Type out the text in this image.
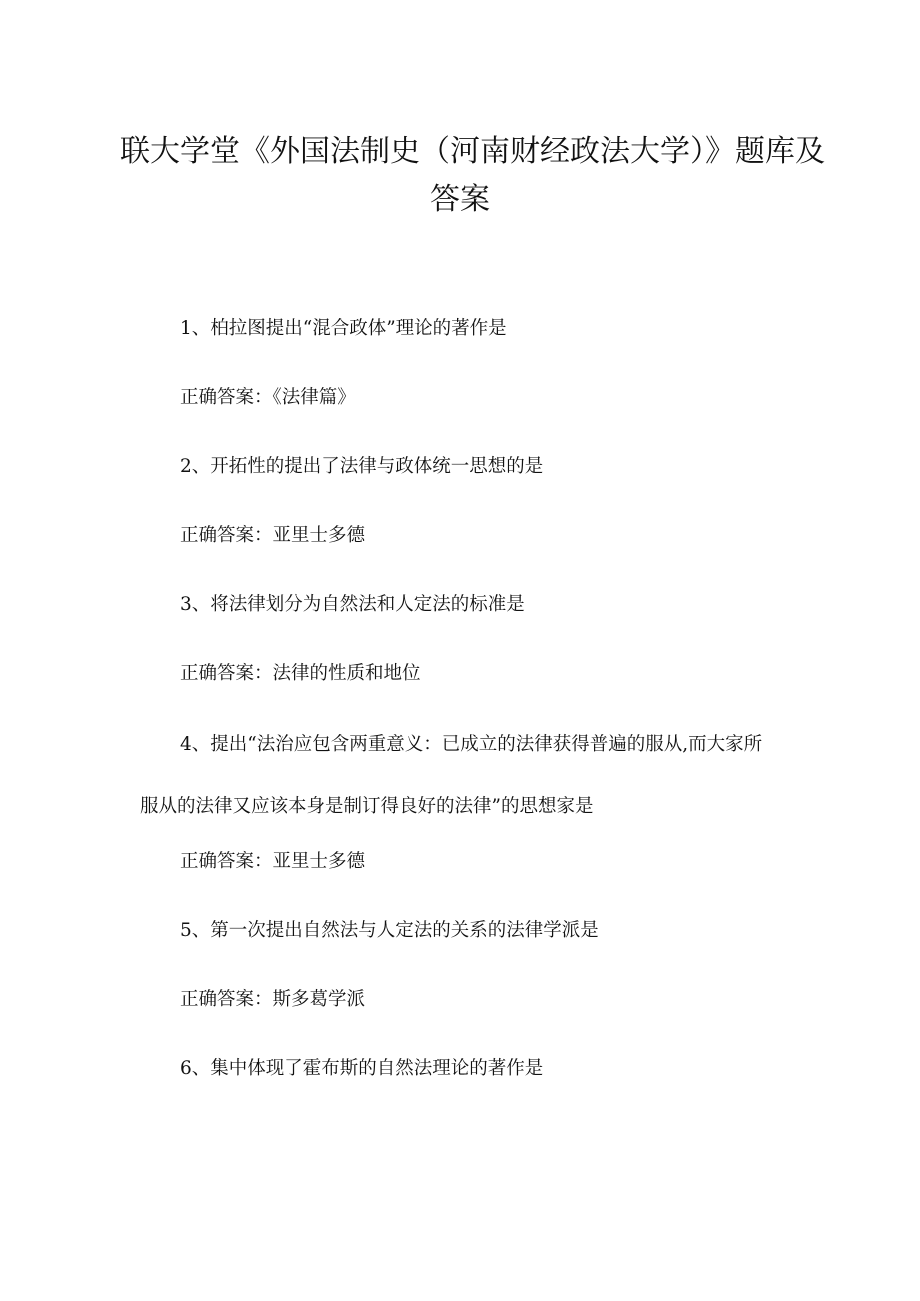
联大学堂《外国法制史（河南财经政法大学）》题库及
答案

1、柏拉图提出“混合政体”理论的著作是

正确答案：《法律篇》

2、开拓性的提出了法律与政体统一思想的是

正确答案：亚里士多德

3、将法律划分为自然法和人定法的标准是

正确答案：法律的性质和地位

4、提出“法治应包含两重意义：已成立的法律获得普遍的服从,而大家所服从的法律又应该本身是制订得良好的法律”的思想家是

正确答案：亚里士多德

5、第一次提出自然法与人定法的关系的法律学派是

正确答案：斯多葛学派

6、集中体现了霍布斯的自然法理论的著作是
